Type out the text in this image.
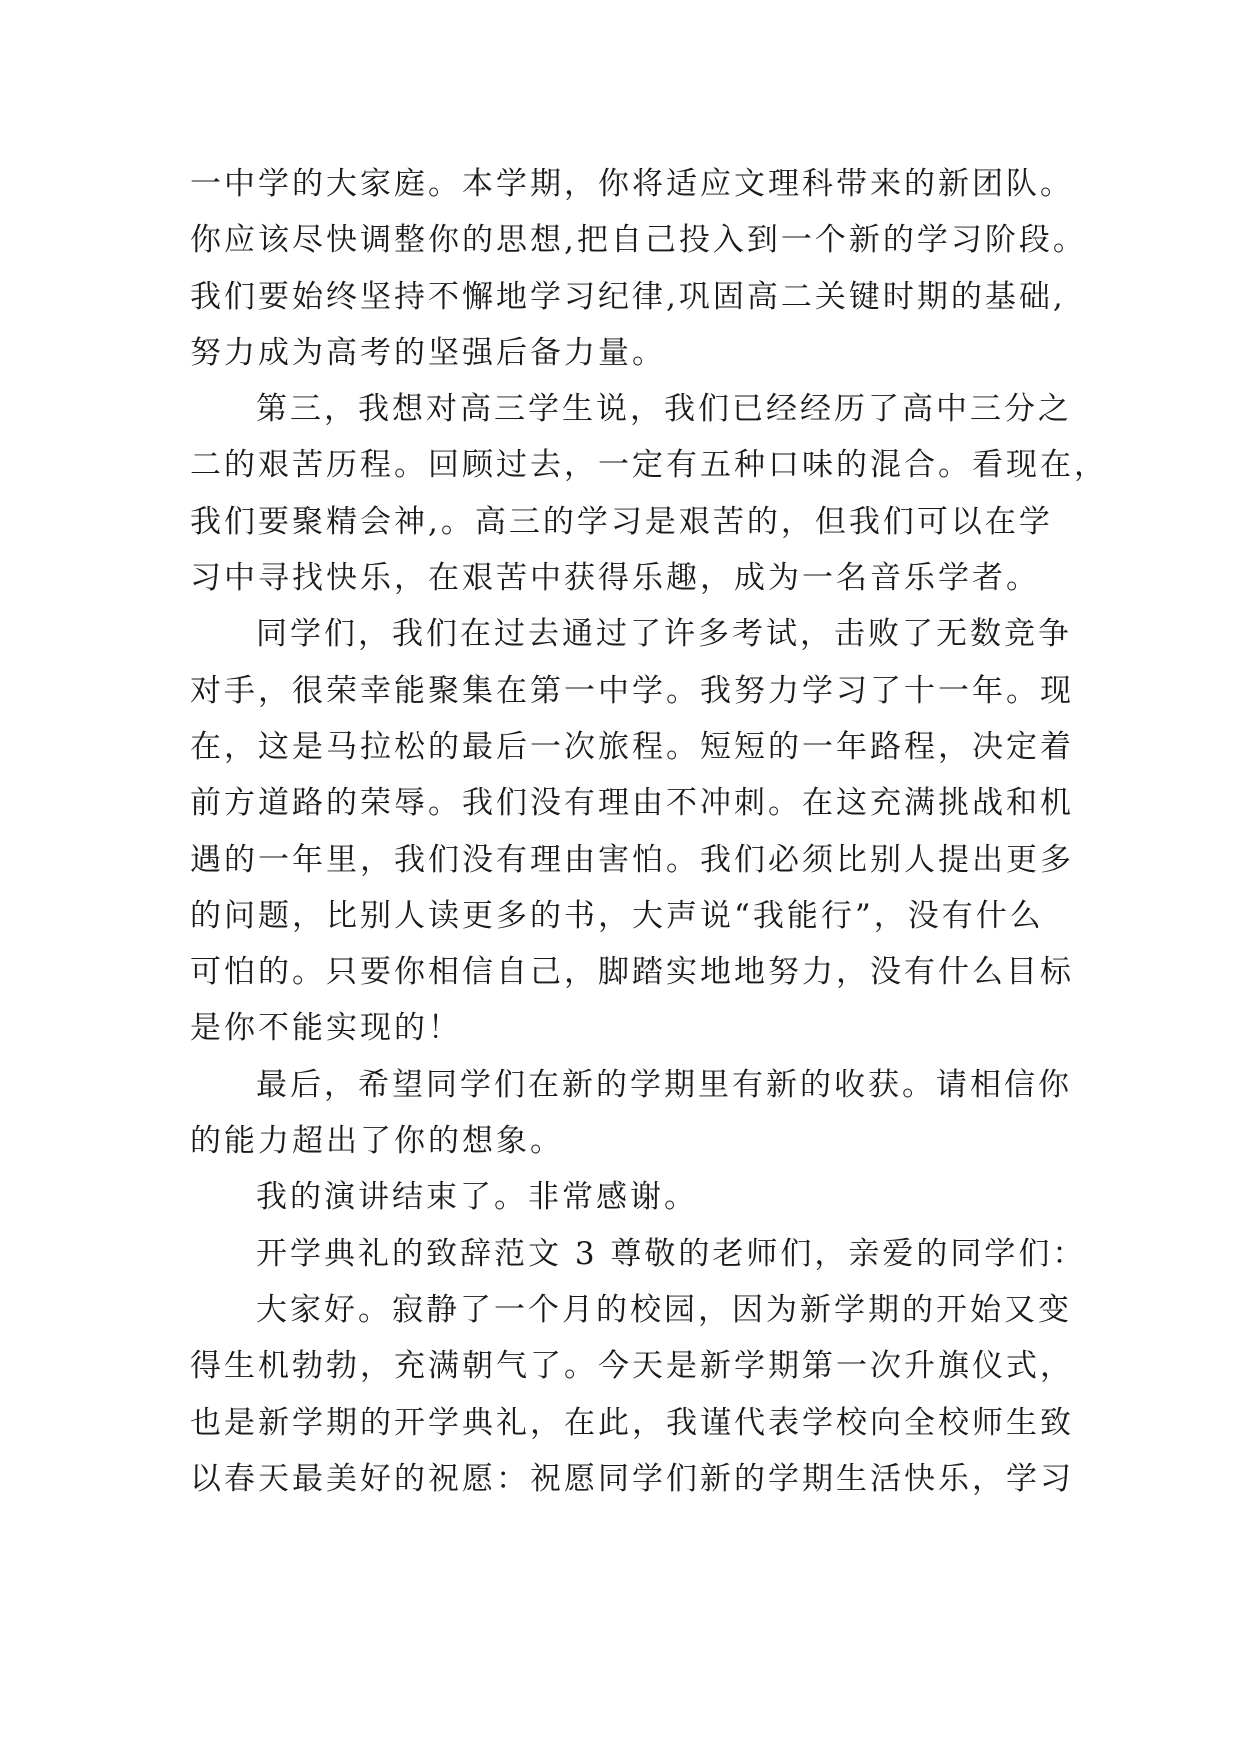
一中学的大家庭。本学期，你将适应文理科带来的新团队。
你应该尽快调整你的思想,把自己投入到一个新的学习阶段。
我们要始终坚持不懈地学习纪律,巩固高二关键时期的基础,
努力成为高考的坚强后备力量。
第三，我想对高三学生说，我们已经经历了高中三分之
二的艰苦历程。回顾过去，一定有五种口味的混合。看现在，
我们要聚精会神,。高三的学习是艰苦的，但我们可以在学
习中寻找快乐，在艰苦中获得乐趣，成为一名音乐学者。
同学们，我们在过去通过了许多考试，击败了无数竞争
对手，很荣幸能聚集在第一中学。我努力学习了十一年。现
在，这是马拉松的最后一次旅程。短短的一年路程，决定着
前方道路的荣辱。我们没有理由不冲刺。在这充满挑战和机
遇的一年里，我们没有理由害怕。我们必须比别人提出更多
的问题，比别人读更多的书，大声说“我能行”，没有什么
可怕的。只要你相信自己，脚踏实地地努力，没有什么目标
是你不能实现的！
最后，希望同学们在新的学期里有新的收获。请相信你
的能力超出了你的想象。
我的演讲结束了。非常感谢。
开学典礼的致辞范文 3 尊敬的老师们，亲爱的同学们：
大家好。寂静了一个月的校园，因为新学期的开始又变
得生机勃勃，充满朝气了。今天是新学期第一次升旗仪式，
也是新学期的开学典礼，在此，我谨代表学校向全校师生致
以春天最美好的祝愿：祝愿同学们新的学期生活快乐，学习
